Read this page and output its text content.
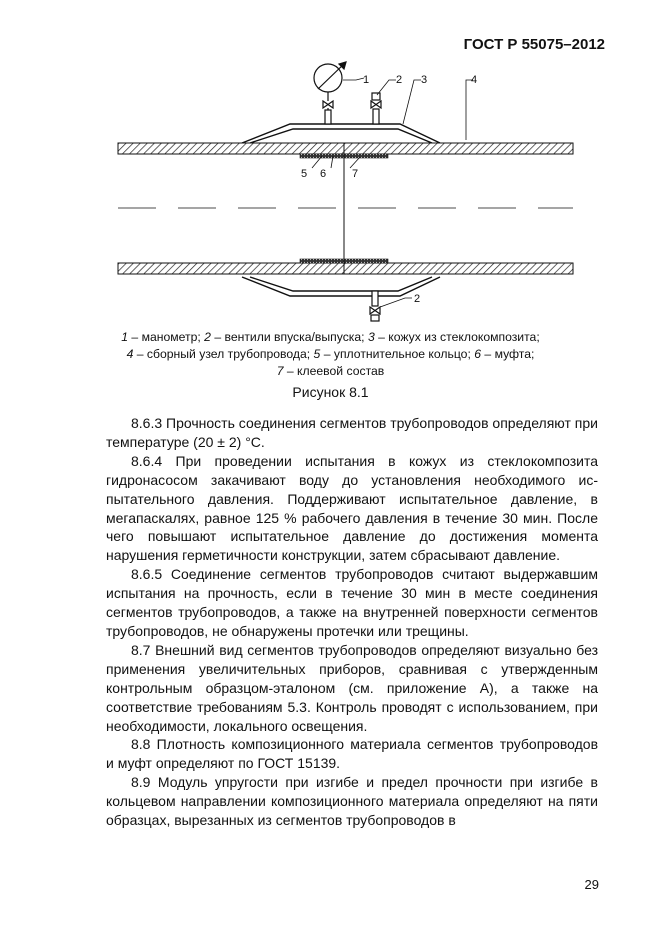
ГОСТ Р 55075–2012
1 2 3	4
5 6 7
2
1 – манометр; 2 – вентили впуска/выпуска; 3 – кожух из стеклокомпозита;
4 – сборный узел трубопровода; 5 – уплотнительное кольцо; 6 – муфта;
7 – клеевой состав
Рисунок 8.1

8.6.3 Прочность соединения сегментов трубопроводов определяют при температуре (20 ± 2) °С.

8.6.4 При проведении испытания в кожух из стеклокомпозита гидронасосом закачивают воду до установления необходимого испытательного давления. Поддерживают испытательное давление, в мегапаскалях, равное 125 % рабочего давления в течение 30 мин. После чего повышают испытательное давление до достижения момента нарушения герметичности конструкции, затем сбрасывают давление.

8.6.5 Соединение сегментов трубопроводов считают выдержавшим испытания на прочность, если в течение 30 мин в месте соединения сегментов трубопроводов, а также на внутренней поверхности сегментов трубопроводов, не обнаружены протечки или трещины.

8.7 Внешний вид сегментов трубопроводов определяют визуально без применения увеличительных приборов, сравнивая с утвержденным контрольным образцом-эталоном (см. приложение А), а также на соответствие требованиям 5.3. Контроль проводят с использованием, при необходимости, локального освещения.

8.8 Плотность композиционного материала сегментов трубопроводов и муфт определяют по ГОСТ 15139.

8.9 Модуль упругости при изгибе и предел прочности при изгибе в кольцевом направлении композиционного материала определяют на пяти образцах, вырезанных из сегментов трубопроводов в

29
